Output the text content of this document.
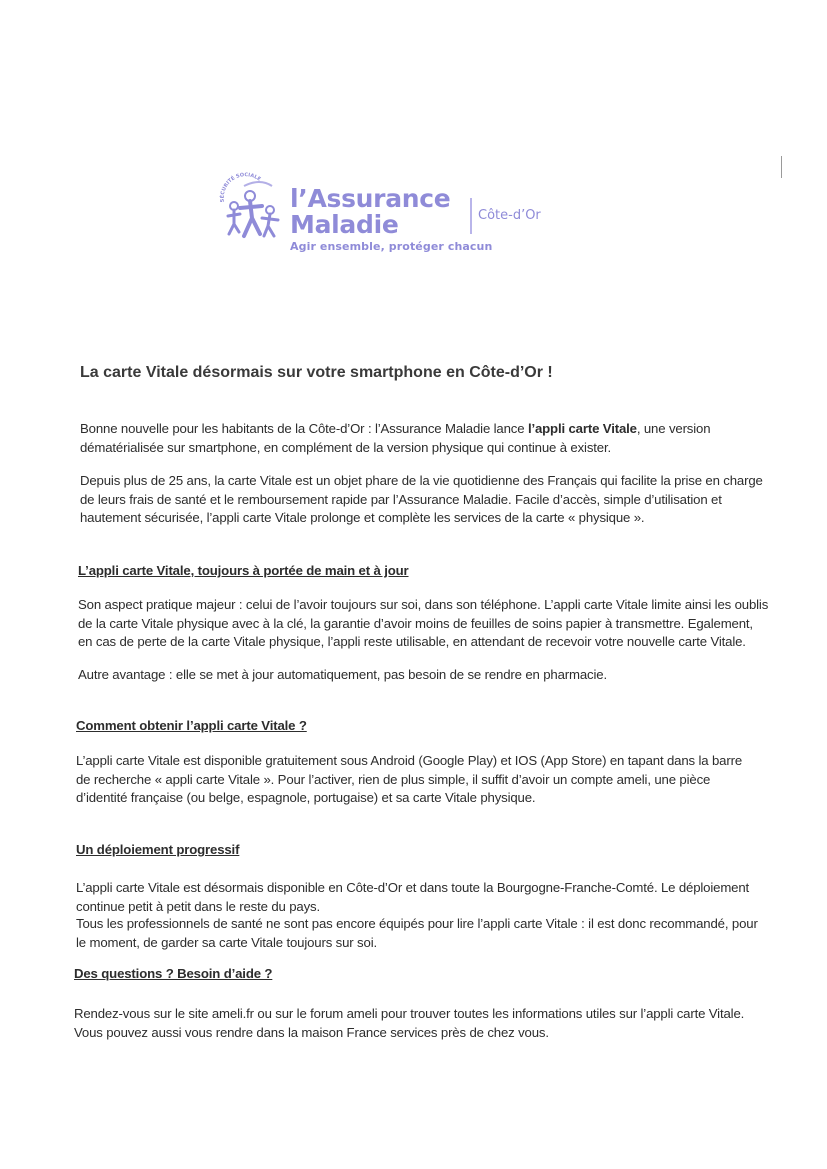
SÉCURITÉ SOCIALE
l’Assurance
Maladie
Agir ensemble, protéger chacun
Côte-d’Or
La carte Vitale désormais sur votre smartphone en Côte-d’Or !

Bonne nouvelle pour les habitants de la Côte-d’Or : l’Assurance Maladie lance l’appli carte Vitale, une version dématérialisée sur smartphone, en complément de la version physique qui continue à exister.

Depuis plus de 25 ans, la carte Vitale est un objet phare de la vie quotidienne des Français qui facilite la prise en charge de leurs frais de santé et le remboursement rapide par l’Assurance Maladie. Facile d’accès, simple d’utilisation et hautement sécurisée, l’appli carte Vitale prolonge et complète les services de la carte « physique ».

L’appli carte Vitale, toujours à portée de main et à jour

Son aspect pratique majeur : celui de l’avoir toujours sur soi, dans son téléphone. L’appli carte Vitale limite ainsi les oublis de la carte Vitale physique avec à la clé, la garantie d’avoir moins de feuilles de soins papier à transmettre. Egalement, en cas de perte de la carte Vitale physique, l’appli reste utilisable, en attendant de recevoir votre nouvelle carte Vitale.

Autre avantage : elle se met à jour automatiquement, pas besoin de se rendre en pharmacie.

Comment obtenir l’appli carte Vitale ?

L’appli carte Vitale est disponible gratuitement sous Android (Google Play) et IOS (App Store) en tapant dans la barre de recherche « appli carte Vitale ». Pour l’activer, rien de plus simple, il suffit d’avoir un compte ameli, une pièce d’identité française (ou belge, espagnole, portugaise) et sa carte Vitale physique.

Un déploiement progressif

L’appli carte Vitale est désormais disponible en Côte-d’Or et dans toute la Bourgogne-Franche-Comté. Le déploiement continue petit à petit dans le reste du pays.

Tous les professionnels de santé ne sont pas encore équipés pour lire l’appli carte Vitale : il est donc recommandé, pour le moment, de garder sa carte Vitale toujours sur soi.

Des questions ? Besoin d’aide ?

Rendez-vous sur le site ameli.fr ou sur le forum ameli pour trouver toutes les informations utiles sur l’appli carte Vitale. Vous pouvez aussi vous rendre dans la maison France services près de chez vous.
